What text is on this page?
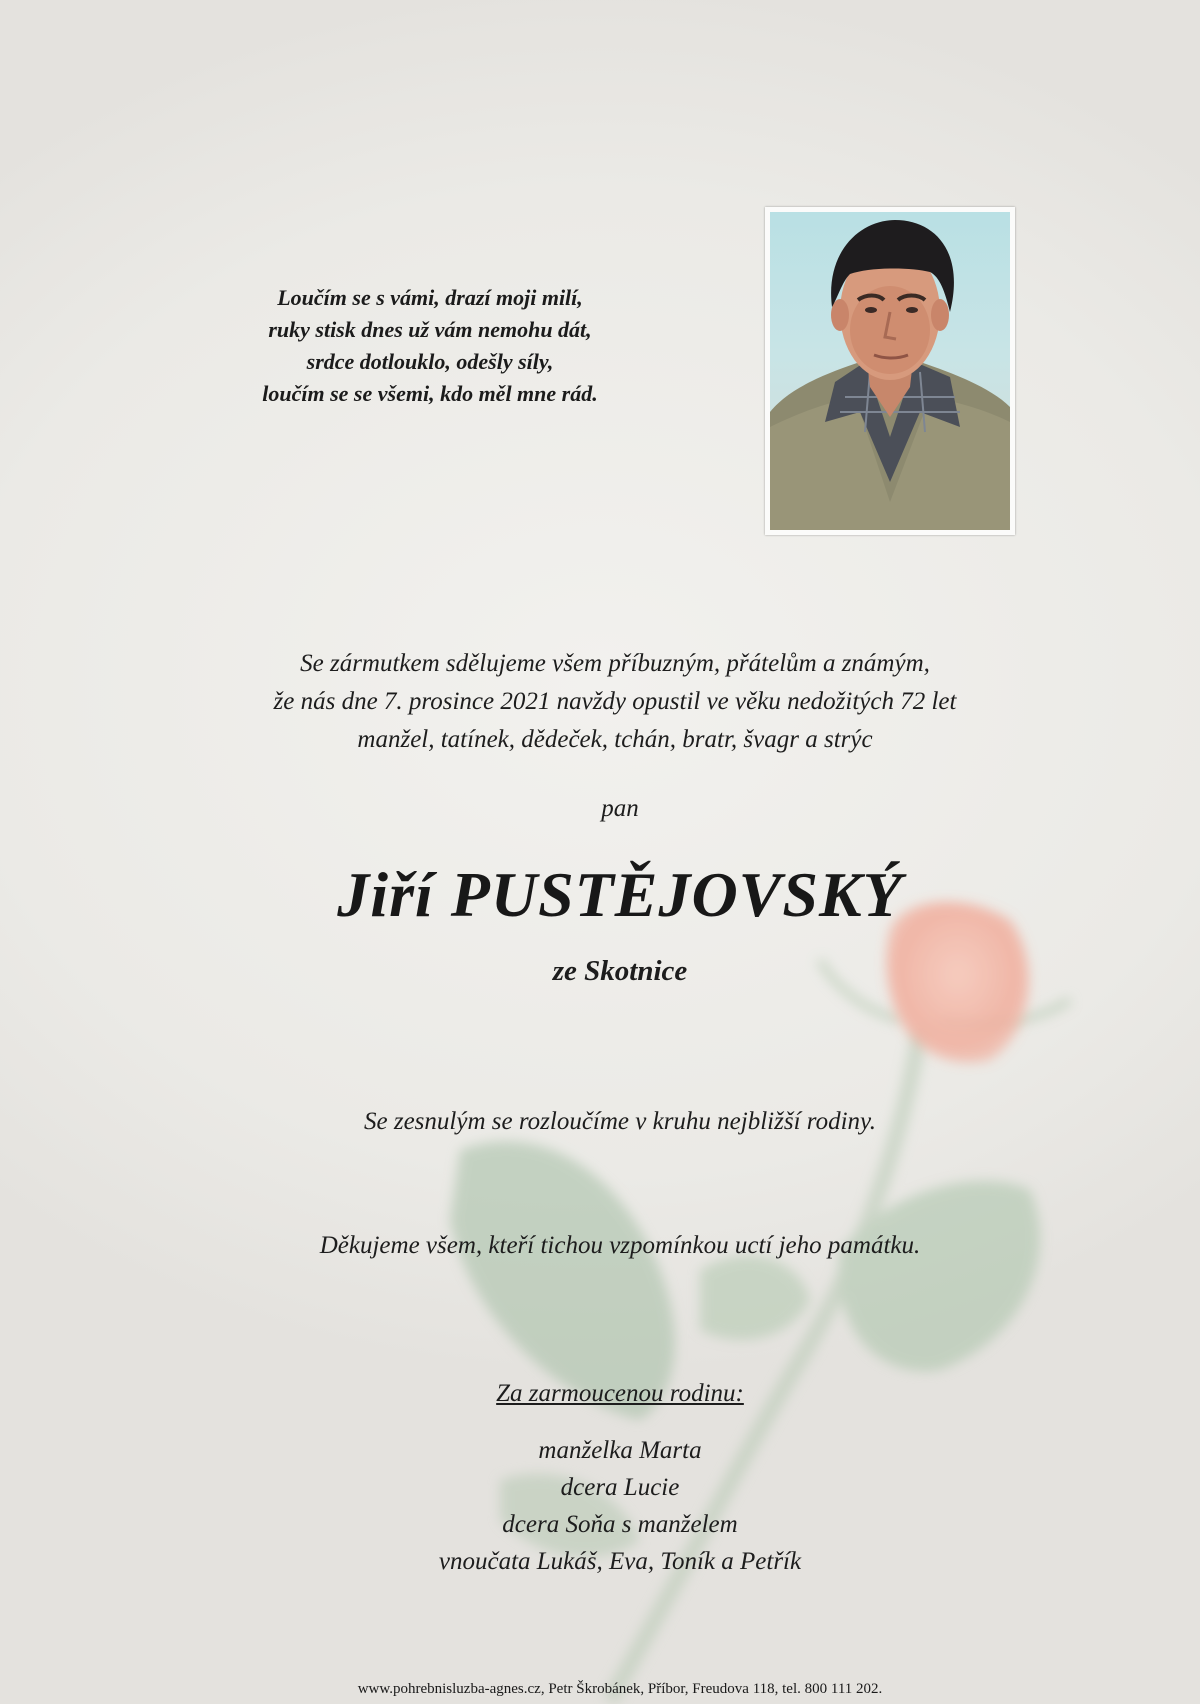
Loučím se s vámi, drazí moji milí,
ruky stisk dnes už vám nemohu dát,
srdce dotlouklo, odešly síly,
loučím se se všemi, kdo měl mne rád.
Se zármutkem sdělujeme všem příbuzným, přátelům a známým,
že nás dne 7. prosince 2021 navždy opustil ve věku nedožitých 72 let
manžel, tatínek, dědeček, tchán, bratr, švagr a strýc
pan
Jiří PUSTĚJOVSKÝ
ze Skotnice
Se zesnulým se rozloučíme v kruhu nejbližší rodiny.
Děkujeme všem, kteří tichou vzpomínkou uctí jeho památku.
Za zarmoucenou rodinu:
manželka Marta
dcera Lucie
dcera Soňa s manželem
vnoučata Lukáš, Eva, Toník a Petřík
www.pohrebnisluzba-agnes.cz, Petr Škrobánek, Příbor, Freudova 118, tel. 800 111 202.
